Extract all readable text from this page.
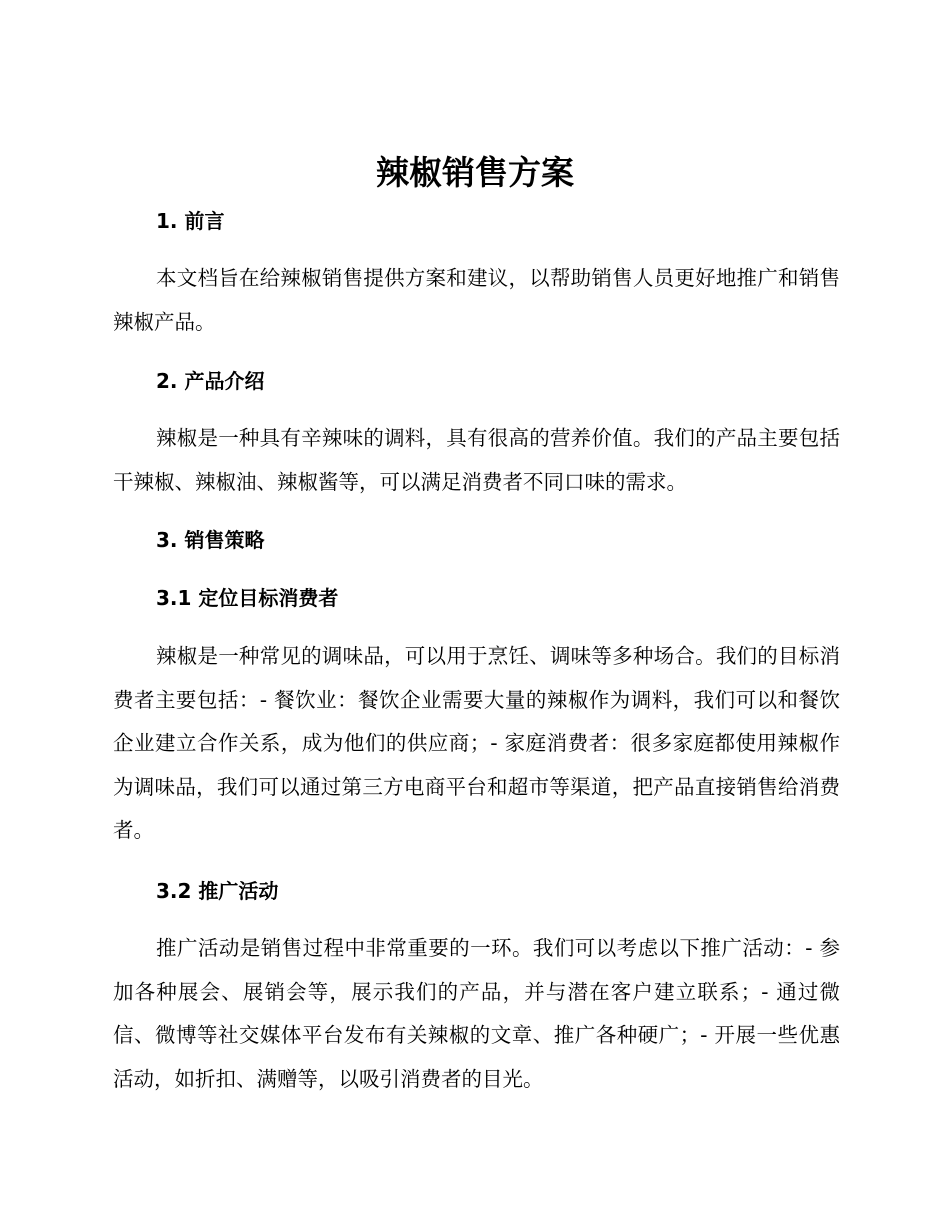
辣椒销售方案
1. 前言

本文档旨在给辣椒销售提供方案和建议，以帮助销售人员更好地推广和销售辣椒产品。

2. 产品介绍

辣椒是一种具有辛辣味的调料，具有很高的营养价值。我们的产品主要包括干辣椒、辣椒油、辣椒酱等，可以满足消费者不同口味的需求。

3. 销售策略
3.1 定位目标消费者

辣椒是一种常见的调味品，可以用于烹饪、调味等多种场合。我们的目标消费者主要包括：- 餐饮业：餐饮企业需要大量的辣椒作为调料，我们可以和餐饮企业建立合作关系，成为他们的供应商；- 家庭消费者：很多家庭都使用辣椒作为调味品，我们可以通过第三方电商平台和超市等渠道，把产品直接销售给消费者。

3.2 推广活动

推广活动是销售过程中非常重要的一环。我们可以考虑以下推广活动：- 参加各种展会、展销会等，展示我们的产品，并与潜在客户建立联系；- 通过微信、微博等社交媒体平台发布有关辣椒的文章、推广各种硬广；- 开展一些优惠活动，如折扣、满赠等，以吸引消费者的目光。
